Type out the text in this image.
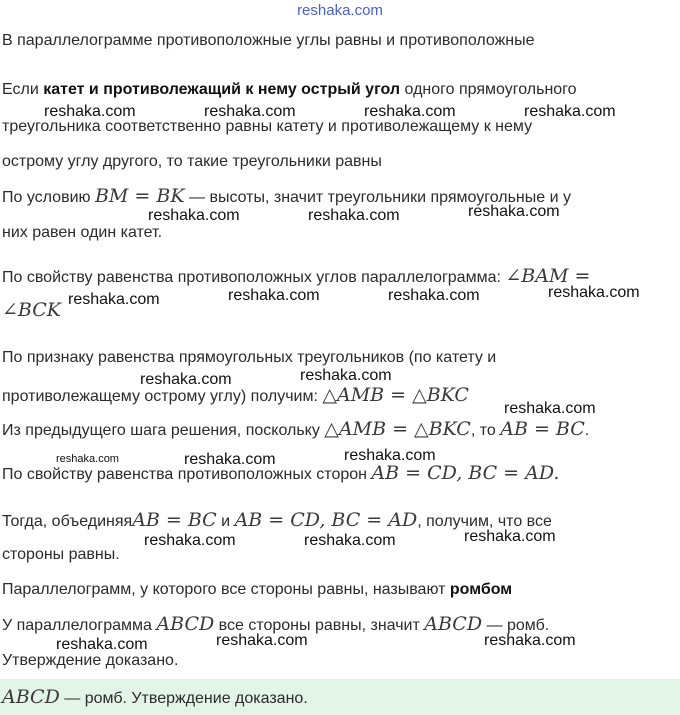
reshaka.com
В параллелограмме противоположные углы равны и противоположные
Если катет и противолежащий к нему острый угол одного прямоугольного
треугольника соответственно равны катету и противолежащему к нему
острому углу другого, то такие треугольники равны
По условию BM = BK — высоты, значит треугольники прямоугольные и у
них равен один катет.
По свойству равенства противоположных углов параллелограмма: ∠BAM =
∠BCK
По признаку равенства прямоугольных треугольников (по катету и
противолежащему острому углу) получим: △AMB = △BKC
Из предыдущего шага решения, поскольку △AMB = △BKC, то AB = BC.
По свойству равенства противоположных сторон AB = CD, BC = AD.
Тогда, объединяяAB = BC и AB = CD, BC = AD, получим, что все
стороны равны.
Параллелограмм, у которого все стороны равны, называют ромбом
У параллелограмма ABCD все стороны равны, значит ABCD — ромб.
Утверждение доказано.
ABCD — ромб. Утверждение доказано.
reshaka.com	reshaka.com	reshaka.com	reshaka.com
reshaka.com	reshaka.com	reshaka.com
reshaka.com	reshaka.com	reshaka.com	reshaka.com
reshaka.com	reshaka.com
reshaka.com
reshaka.com	reshaka.com	reshaka.com
reshaka.com	reshaka.com	reshaka.com
reshaka.com	reshaka.com	reshaka.com
